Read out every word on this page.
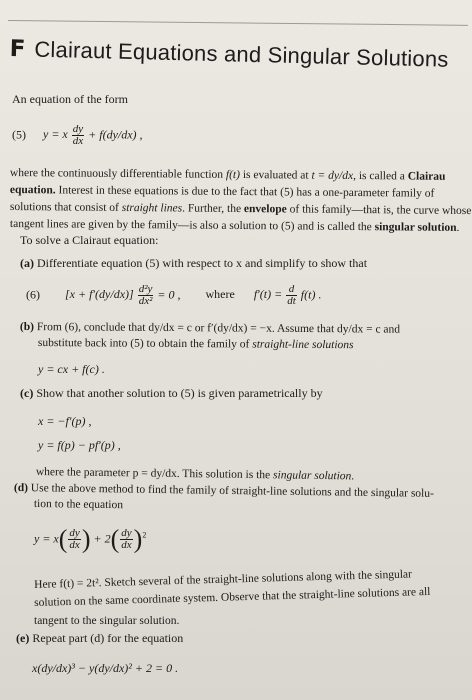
F Clairaut Equations and Singular Solutions
An equation of the form
(5) y = x $\frac{dy}{dx} + f(dy/dx)$ ,
where the continuously differentiable function f(t) is evaluated at t = dy/dx, is called a Clairau
equation. Interest in these equations is due to the fact that (5) has a one-parameter family of
solutions that consist of straight lines. Further, the envelope of this family—that is, the curve whose
tangent lines are given by the family—is also a solution to (5) and is called the singular solution.
To solve a Clairaut equation:
(a) Differentiate equation (5) with respect to x and simplify to show that
(6) $[x + f'(dy/dx)] \frac{\text{d²y}}{\text{dx²}} = 0$ , where $f'(t) = \frac{d}{dt} f(t)$ .
(b) From (6), conclude that dy/dx = c or f′(dy/dx) = −x. Assume that dy/dx = c and
substitute back into (5) to obtain the family of straight-line solutions
y = cx + f(c) .
(c) Show that another solution to (5) is given parametrically by
x = −f′(p) ,
y = f(p) − pf′(p) ,
where the parameter p = dy/dx. This solution is the singular solution.
(d) Use the above method to find the family of straight-line solutions and the singular solu-
tion to the equation
$y = x( \frac{dy}{dx}$ ) + $2( \frac{dy}{dx} )^2$
Here f(t) = 2t². Sketch several of the straight-line solutions along with the singular
solution on the same coordinate system. Observe that the straight-line solutions are all
tangent to the singular solution.
(e) Repeat part (d) for the equation
x(dy/dx)³ − y(dy/dx)² + 2 = 0 .
